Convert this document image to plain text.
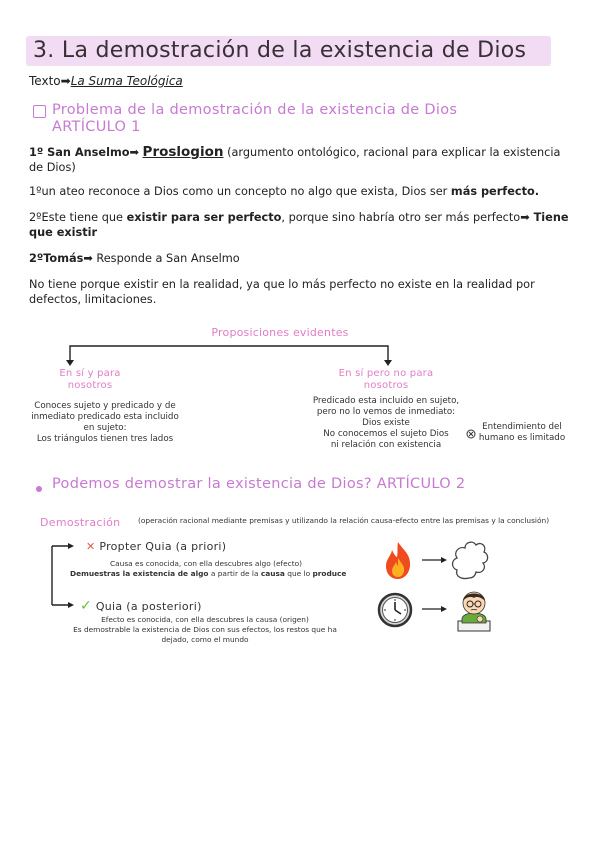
3. La demostración de la existencia de Dios
Texto➡La Suma Teológica
Problema de la demostración de la existencia de Dios
ARTÍCULO 1
1º San Anselmo➡ Proslogion (argumento ontológico, racional para explicar la existencia de Dios)
1ºun ateo reconoce a Dios como un concepto no algo que exista, Dios ser más perfecto.
2ºEste tiene que existir para ser perfecto, porque sino habría otro ser más perfecto➡ Tiene que existir
2ºTomás➡ Responde a San Anselmo
No tiene porque existir en la realidad, ya que lo más perfecto no existe en la realidad por defectos, limitaciones.
Proposiciones evidentes
En sí y para
nosotros
Conoces sujeto y predicado y de
inmediato predicado esta incluido
en sujeto:
Los triángulos tienen tres lados
En sí pero no para
nosotros
Predicado esta incluido en sujeto,
pero no lo vemos de inmediato:
Dios existe
No conocemos el sujeto Dios
ni relación con existencia
Entendimiento del
humano es limitado
Podemos demostrar la existencia de Dios? ARTÍCULO 2
Demostración (operación racional mediante premisas y utilizando la relación causa-efecto entre las premisas y la conclusión)
✕ Propter Quia (a priori)
Causa es conocida, con ella descubres algo (efecto)
Demuestras la existencia de algo a partir de la causa que lo produce
✓ Quia (a posteriori)
Efecto es conocida, con ella descubres la causa (origen)
Es demostrable la existencia de Dios con sus efectos, los restos que ha
dejado, como el mundo
